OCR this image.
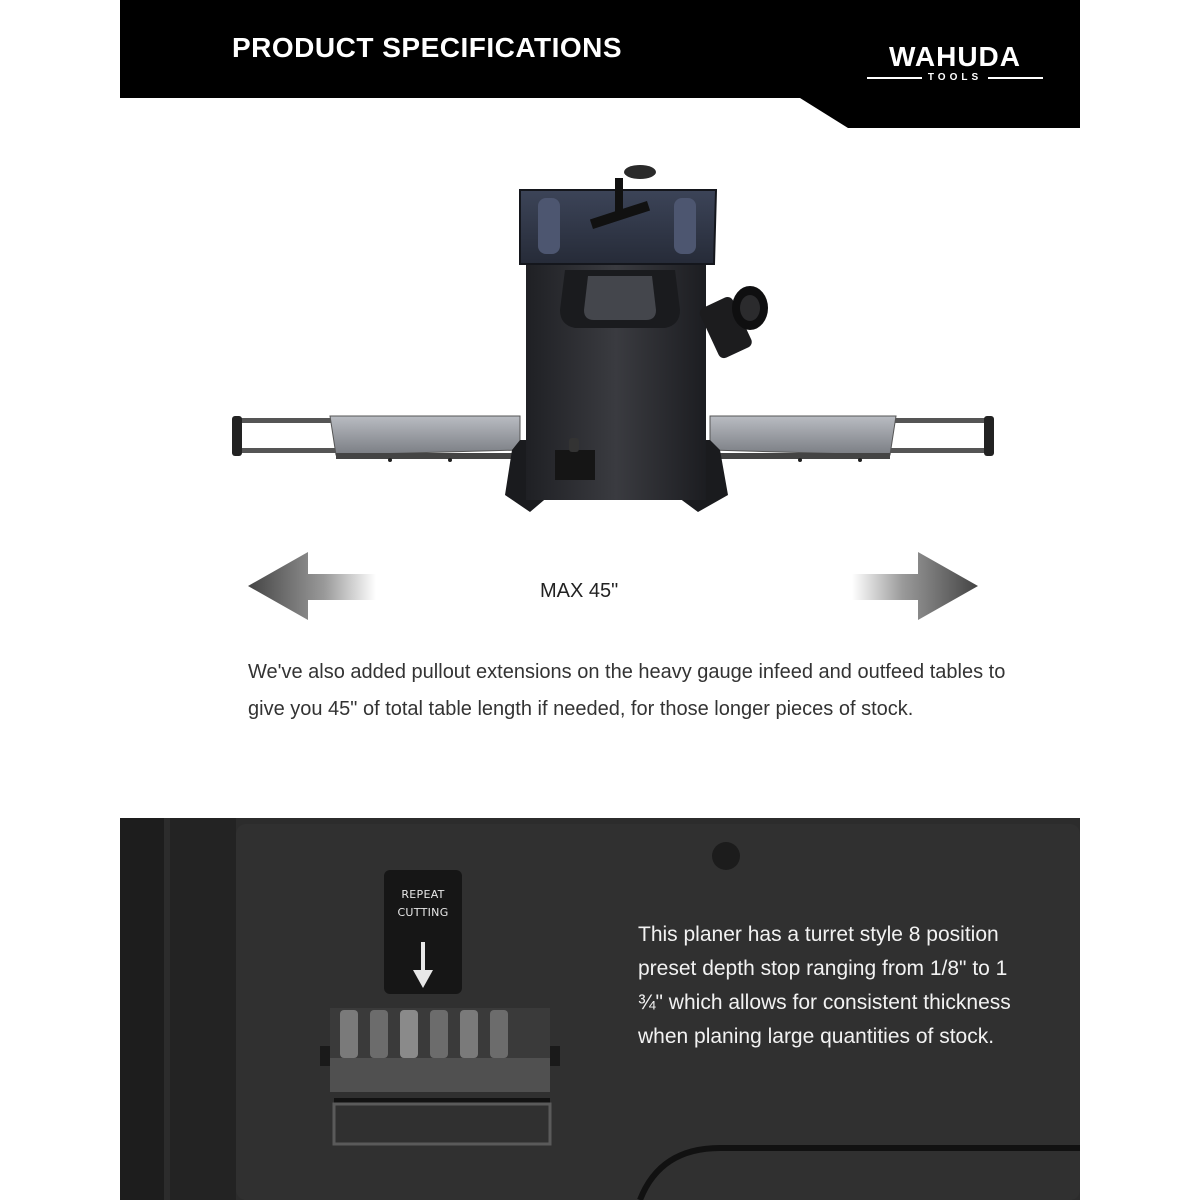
PRODUCT SPECIFICATIONS	WAHUDA
TOOLS
MAX 45"
We've also added pullout extensions on the heavy gauge infeed and outfeed tables to give you 45" of total table length if needed, for those longer pieces of stock.
REPEAT
CUTTING
This planer has a turret style 8 position preset depth stop ranging from 1/8" to 1 ¾" which allows for consistent thickness when planing large quantities of stock.
